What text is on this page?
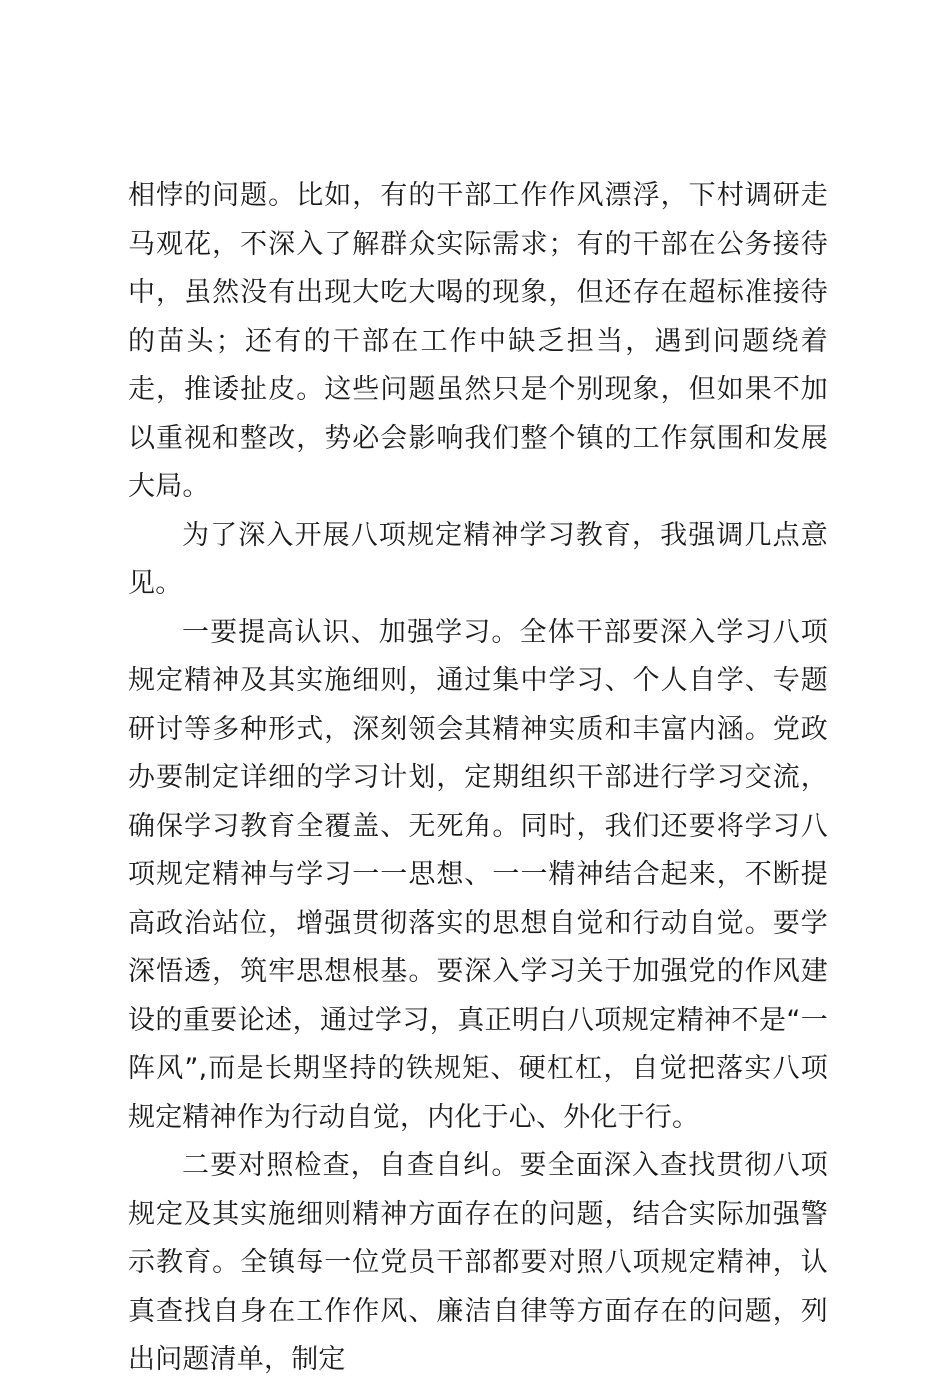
相悖的问题。比如，有的干部工作作风漂浮，下村调研走马观花，不深入了解群众实际需求；有的干部在公务接待中，虽然没有出现大吃大喝的现象，但还存在超标准接待的苗头；还有的干部在工作中缺乏担当，遇到问题绕着走，推诿扯皮。这些问题虽然只是个别现象，但如果不加以重视和整改，势必会影响我们整个镇的工作氛围和发展大局。

为了深入开展八项规定精神学习教育，我强调几点意见。

一要提高认识、加强学习。全体干部要深入学习八项规定精神及其实施细则，通过集中学习、个人自学、专题研讨等多种形式，深刻领会其精神实质和丰富内涵。党政办要制定详细的学习计划，定期组织干部进行学习交流，确保学习教育全覆盖、无死角。同时，我们还要将学习八项规定精神与学习一一思想、一一精神结合起来，不断提高政治站位，增强贯彻落实的思想自觉和行动自觉。要学深悟透，筑牢思想根基。要深入学习关于加强党的作风建设的重要论述，通过学习，真正明白八项规定精神不是“一阵风”,而是长期坚持的铁规矩、硬杠杠，自觉把落实八项规定精神作为行动自觉，内化于心、外化于行。

二要对照检查，自查自纠。要全面深入查找贯彻八项规定及其实施细则精神方面存在的问题，结合实际加强警示教育。全镇每一位党员干部都要对照八项规定精神，认真查找自身在工作作风、廉洁自律等方面存在的问题，列出问题清单，制定
